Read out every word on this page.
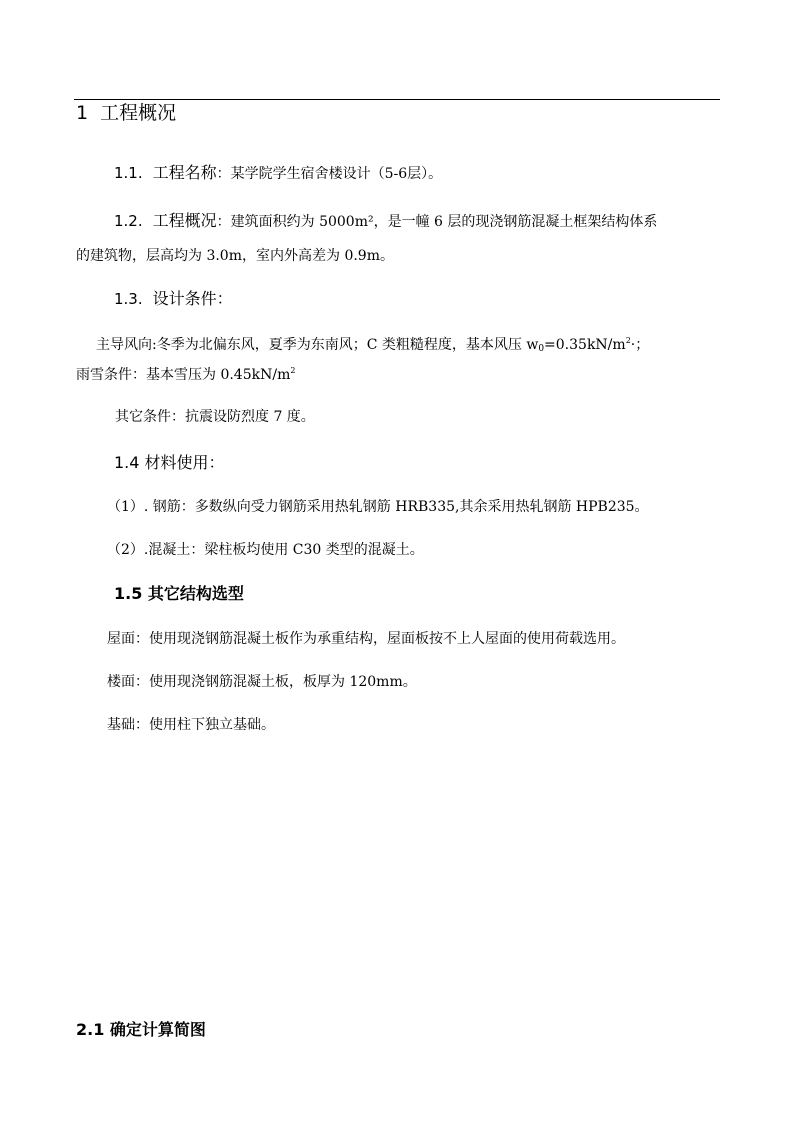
1 工程概况
1.1. 工程名称：某学院学生宿舍楼设计（5-6层）。
1.2. 工程概况：建筑面积约为 5000m²，是一幢 6 层的现浇钢筋混凝土框架结构体系
的建筑物，层高均为 3.0m，室内外高差为 0.9m。
1.3. 设计条件：
主导风向:冬季为北偏东风，夏季为东南风；C 类粗糙程度，基本风压 $w_0=0.35kN/m^2\cdot$；
雨雪条件：基本雪压为 $0.45kN/m^2$
其它条件：抗震设防烈度 7 度。
1.4 材料使用：
（1）. 钢筋：多数纵向受力钢筋采用热轧钢筋 HRB335,其余采用热轧钢筋 HPB235。
（2）.混凝土：梁柱板均使用 C30 类型的混凝土。
1.5 其它结构选型
屋面：使用现浇钢筋混凝土板作为承重结构，屋面板按不上人屋面的使用荷载选用。
楼面：使用现浇钢筋混凝土板，板厚为 120mm。
基础：使用柱下独立基础。
2.1 确定计算简图
